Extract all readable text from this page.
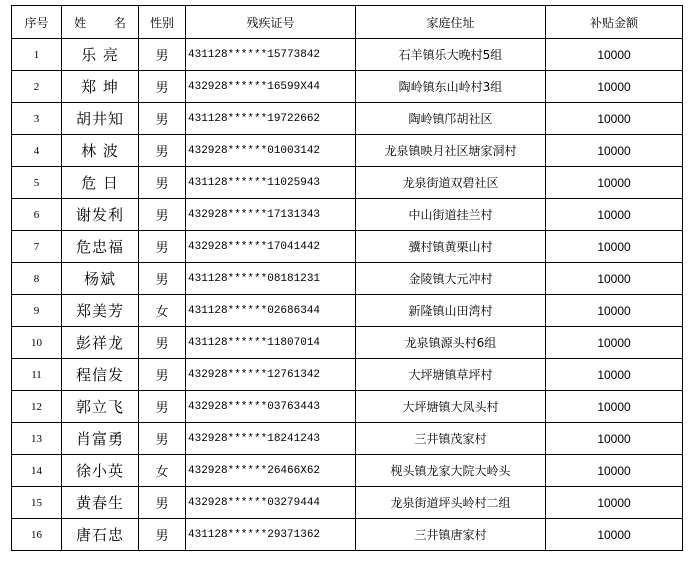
序号	姓 名	性别	残疾证号	家庭住址	补贴金额
1	乐 亮	男	431128******15773842	石羊镇乐大晚村5组	10000
2	郑 坤	男	432928******16599X44	陶岭镇东山岭村3组	10000
3	胡井知	男	431128******19722662	陶岭镇邝胡社区	10000
4	林 波	男	432928******01003142	龙泉镇映月社区塘家洞村	10000
5	危 日	男	431128******11025943	龙泉街道双碧社区	10000
6	谢发利	男	432928******17131343	中山街道挂兰村	10000
7	危忠福	男	432928******17041442	骥村镇黄栗山村	10000
8	杨斌	男	431128******08181231	金陵镇大元冲村	10000
9	郑美芳	女	431128******02686344	新隆镇山田湾村	10000
10	彭祥龙	男	431128******11807014	龙泉镇源头村6组	10000
11	程信发	男	432928******12761342	大坪塘镇草坪村	10000
12	郭立飞	男	432928******03763443	大坪塘镇大凤头村	10000
13	肖富勇	男	432928******18241243	三井镇茂家村	10000
14	徐小英	女	432928******26466X62	枧头镇龙家大院大岭头	10000
15	黄春生	男	432928******03279444	龙泉街道坪头岭村二组	10000
16	唐石忠	男	431128******29371362	三井镇唐家村	10000
